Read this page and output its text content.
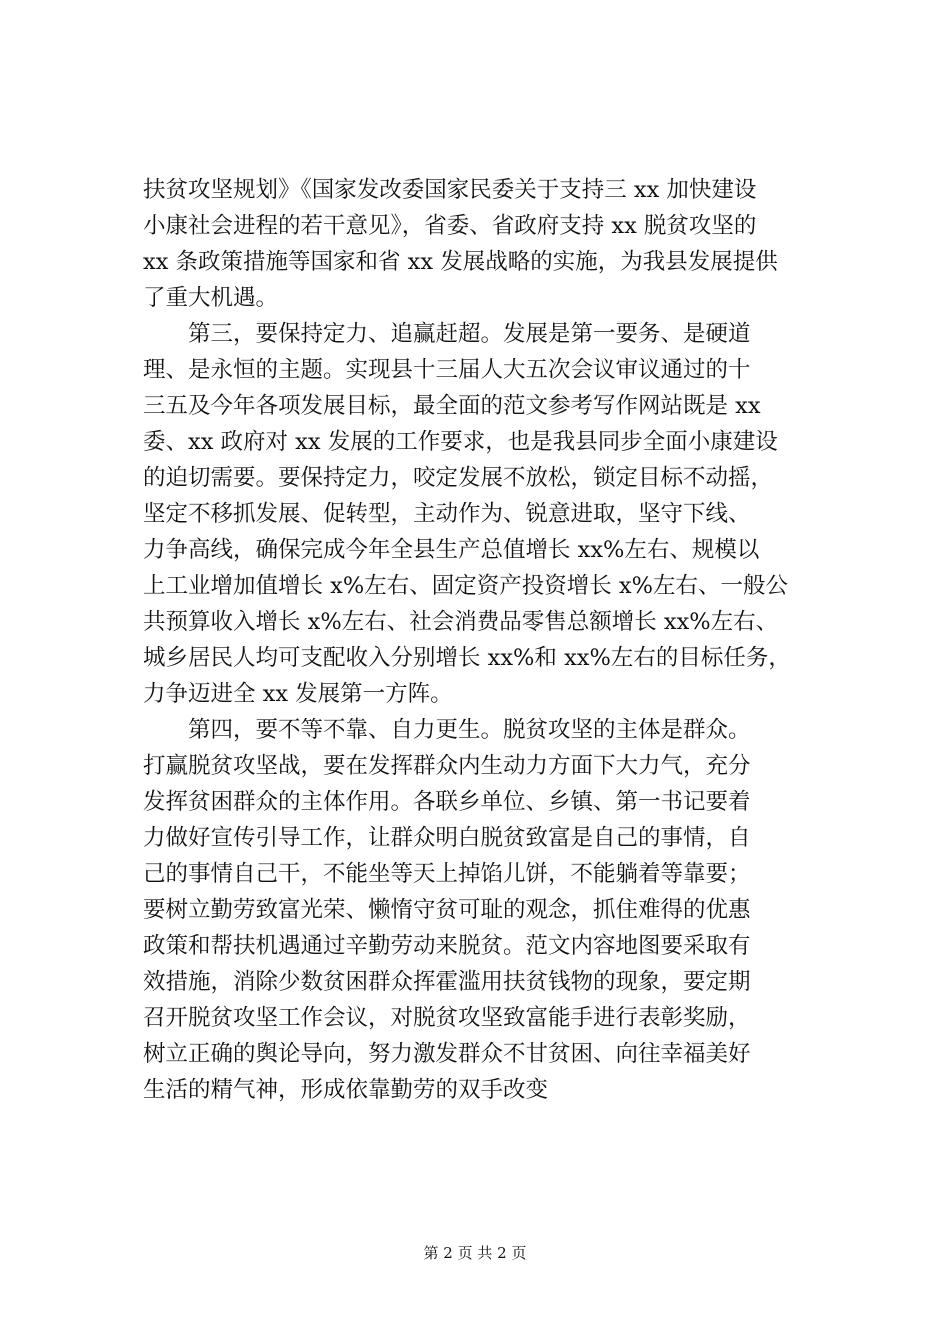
扶贫攻坚规划》《国家发改委国家民委关于支持三 xx 加快建设
小康社会进程的若干意见》，省委、省政府支持 xx 脱贫攻坚的
xx 条政策措施等国家和省 xx 发展战略的实施，为我县发展提供
了重大机遇。
第三，要保持定力、追赢赶超。发展是第一要务、是硬道
理、是永恒的主题。实现县十三届人大五次会议审议通过的十
三五及今年各项发展目标，最全面的范文参考写作网站既是 xx
委、xx 政府对 xx 发展的工作要求，也是我县同步全面小康建设
的迫切需要。要保持定力，咬定发展不放松，锁定目标不动摇，
坚定不移抓发展、促转型，主动作为、锐意进取，坚守下线、
力争高线，确保完成今年全县生产总值增长 xx%左右、规模以
上工业增加值增长 x%左右、固定资产投资增长 x%左右、一般公
共预算收入增长 x%左右、社会消费品零售总额增长 xx%左右、
城乡居民人均可支配收入分别增长 xx%和 xx%左右的目标任务，
力争迈进全 xx 发展第一方阵。
第四，要不等不靠、自力更生。脱贫攻坚的主体是群众。
打赢脱贫攻坚战，要在发挥群众内生动力方面下大力气，充分
发挥贫困群众的主体作用。各联乡单位、乡镇、第一书记要着
力做好宣传引导工作，让群众明白脱贫致富是自己的事情，自
己的事情自己干，不能坐等天上掉馅儿饼，不能躺着等靠要；
要树立勤劳致富光荣、懒惰守贫可耻的观念，抓住难得的优惠
政策和帮扶机遇通过辛勤劳动来脱贫。范文内容地图要采取有
效措施，消除少数贫困群众挥霍滥用扶贫钱物的现象，要定期
召开脱贫攻坚工作会议，对脱贫攻坚致富能手进行表彰奖励，
树立正确的舆论导向，努力激发群众不甘贫困、向往幸福美好
生活的精气神，形成依靠勤劳的双手改变
第 2 页 共 2 页
